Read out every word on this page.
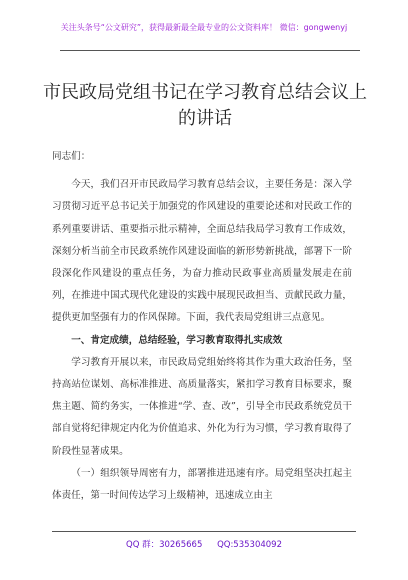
关注头条号“公文研究”，获得最新最全最专业的公文资料库！ 微信：gongwenyj
市民政局党组书记在学习教育总结会议上的讲话

同志们：

今天，我们召开市民政局学习教育总结会议，主要任务是：深入学习贯彻习近平总书记关于加强党的作风建设的重要论述和对民政工作的系列重要讲话、重要指示批示精神，全面总结我局学习教育工作成效，深刻分析当前全市民政系统作风建设面临的新形势新挑战，部署下一阶段深化作风建设的重点任务，为奋力推动民政事业高质量发展走在前列，在推进中国式现代化建设的实践中展现民政担当、贡献民政力量，提供更加坚强有力的作风保障。下面，我代表局党组讲三点意见。

一、肯定成绩，总结经验，学习教育取得扎实成效

学习教育开展以来，市民政局党组始终将其作为重大政治任务，坚持高站位谋划、高标准推进、高质量落实，紧扣学习教育目标要求，聚焦主题、简约务实，一体推进“学、查、改”，引导全市民政系统党员干部自觉将纪律规定内化为价值追求、外化为行为习惯，学习教育取得了阶段性显著成果。

（一）组织领导周密有力，部署推进迅速有序。局党组坚决扛起主体责任，第一时间传达学习上级精神，迅速成立由主

QQ 群：30265665 QQ:535304092
